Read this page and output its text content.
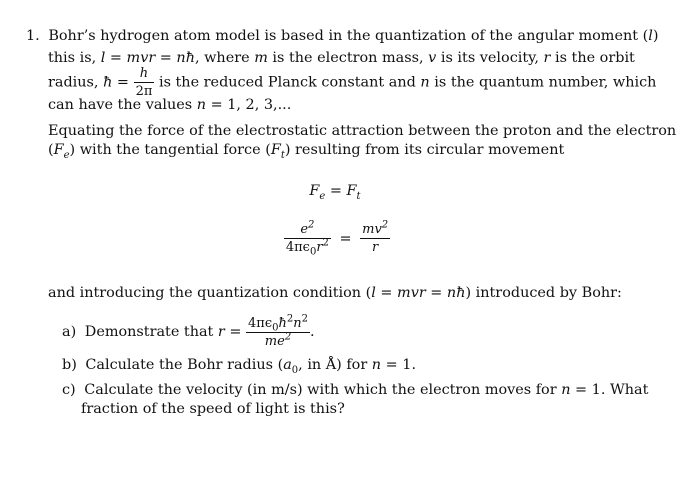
1. Bohr’s hydrogen atom model is based in the quantization of the angular moment (l)
this is, l = mvr = nħ, where m is the electron mass, v is its velocity, r is the orbit
radius, ħ = $\frac{h}{2\pi}$ is the reduced Planck constant and n is the quantum number, which
can have the values n = 1, 2, 3,...
Equating the force of the electrostatic attraction between the proton and the electron
$(F_e)$ with the tangential force $(F_t)$ resulting from its circular movement
$F_e = F_t$
$\frac{e^2}{4\pi\epsilon_0r^2} = \frac{mv^2}{r}$
and introducing the quantization condition (l = mvr = nħ) introduced by Bohr:
a) Demonstrate that $r = \frac{4\pi\epsilon_0ħ^2n^2}{me^2}$ .
b) Calculate the Bohr radius ($a_0$, in Å) for n = 1.
c) Calculate the velocity (in m/s) with which the electron moves for n = 1. What
fraction of the speed of light is this?
